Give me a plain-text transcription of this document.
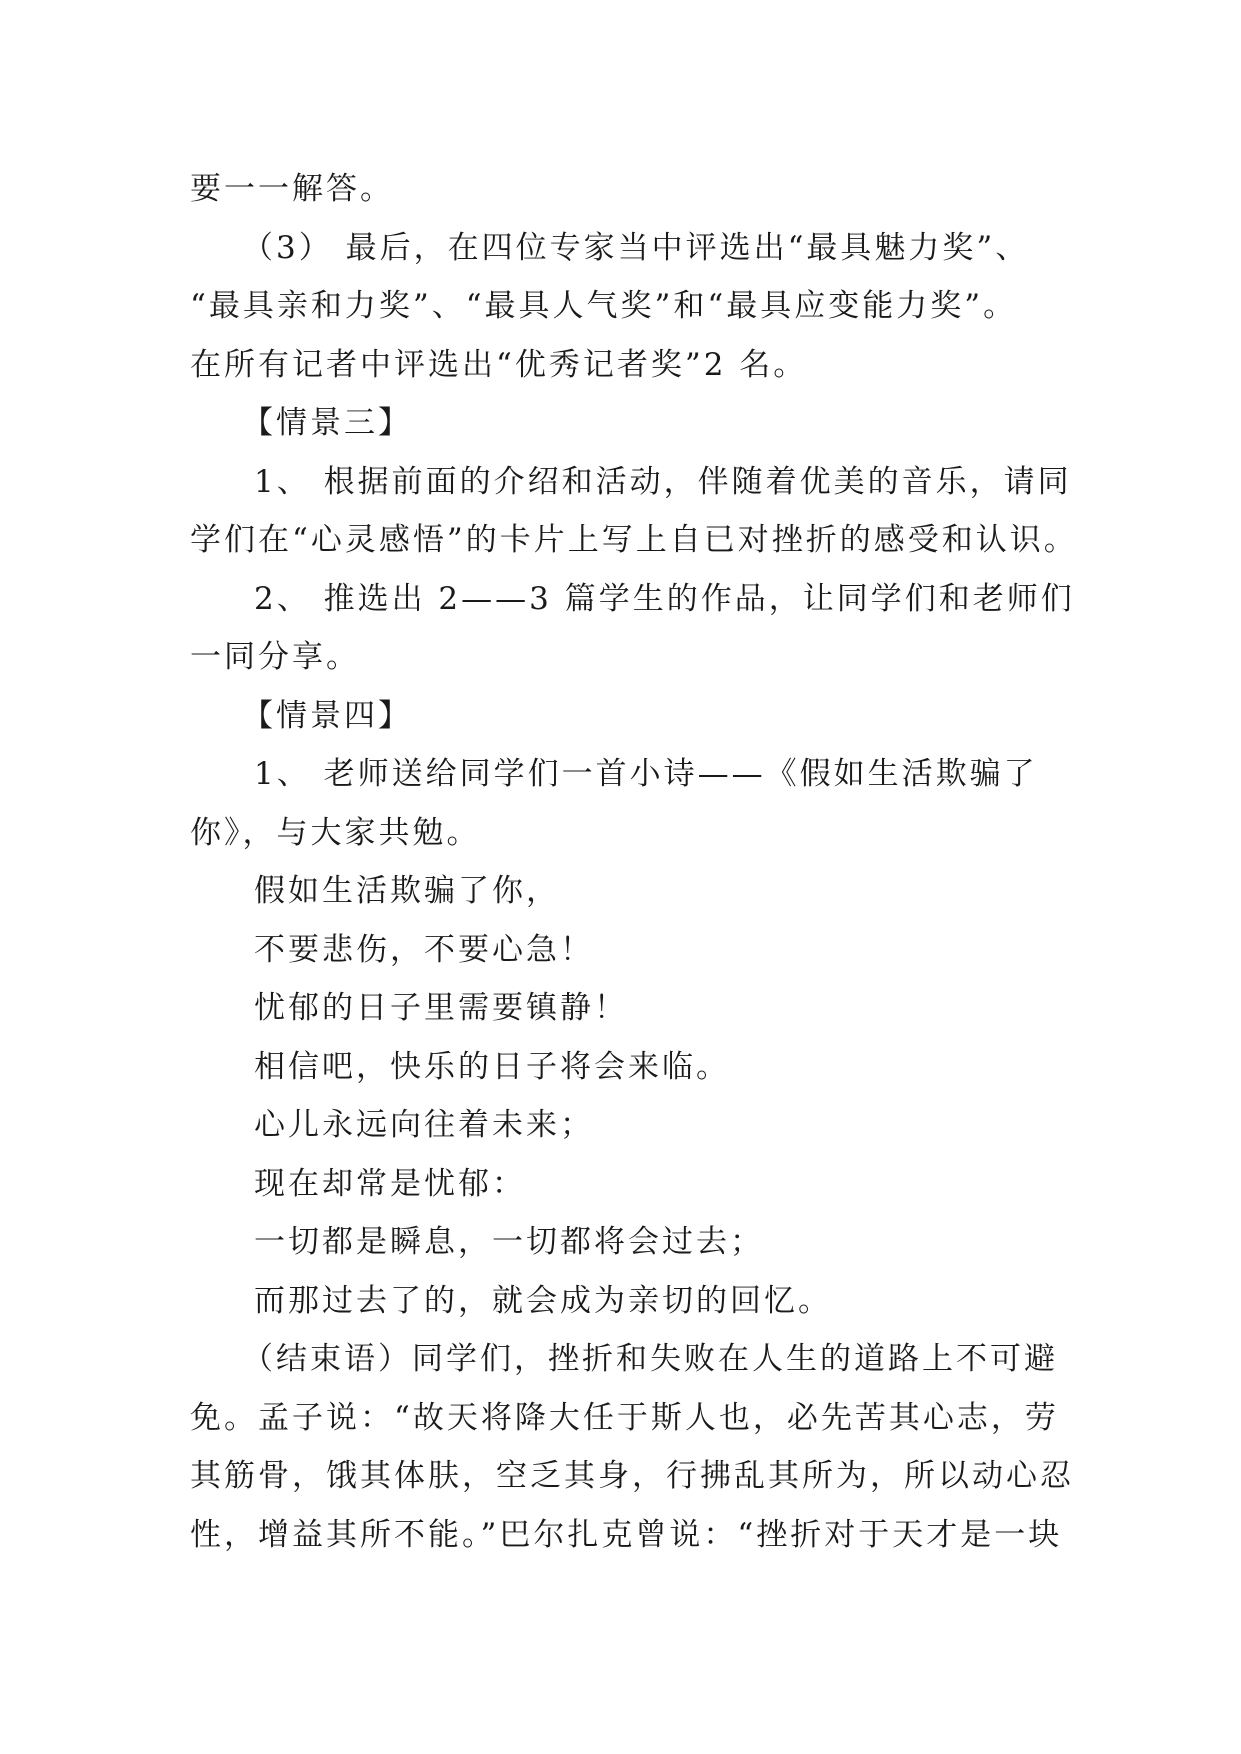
要一一解答。
（3） 最后，在四位专家当中评选出“最具魅力奖”、
“最具亲和力奖”、“最具人气奖”和“最具应变能力奖”。
在所有记者中评选出“优秀记者奖”2 名。
【情景三】
1、 根据前面的介绍和活动，伴随着优美的音乐，请同
学们在“心灵感悟”的卡片上写上自已对挫折的感受和认识。
2、 推选出 2——3 篇学生的作品，让同学们和老师们
一同分享。
【情景四】
1、 老师送给同学们一首小诗——《假如生活欺骗了
你》，与大家共勉。
假如生活欺骗了你，
不要悲伤，不要心急！
忧郁的日子里需要镇静！
相信吧，快乐的日子将会来临。
心儿永远向往着未来；
现在却常是忧郁：
一切都是瞬息，一切都将会过去；
而那过去了的，就会成为亲切的回忆。
（结束语）同学们，挫折和失败在人生的道路上不可避
免。孟子说：“故天将降大任于斯人也，必先苦其心志，劳
其筋骨，饿其体肤，空乏其身，行拂乱其所为，所以动心忍
性，增益其所不能。”巴尔扎克曾说：“挫折对于天才是一块
